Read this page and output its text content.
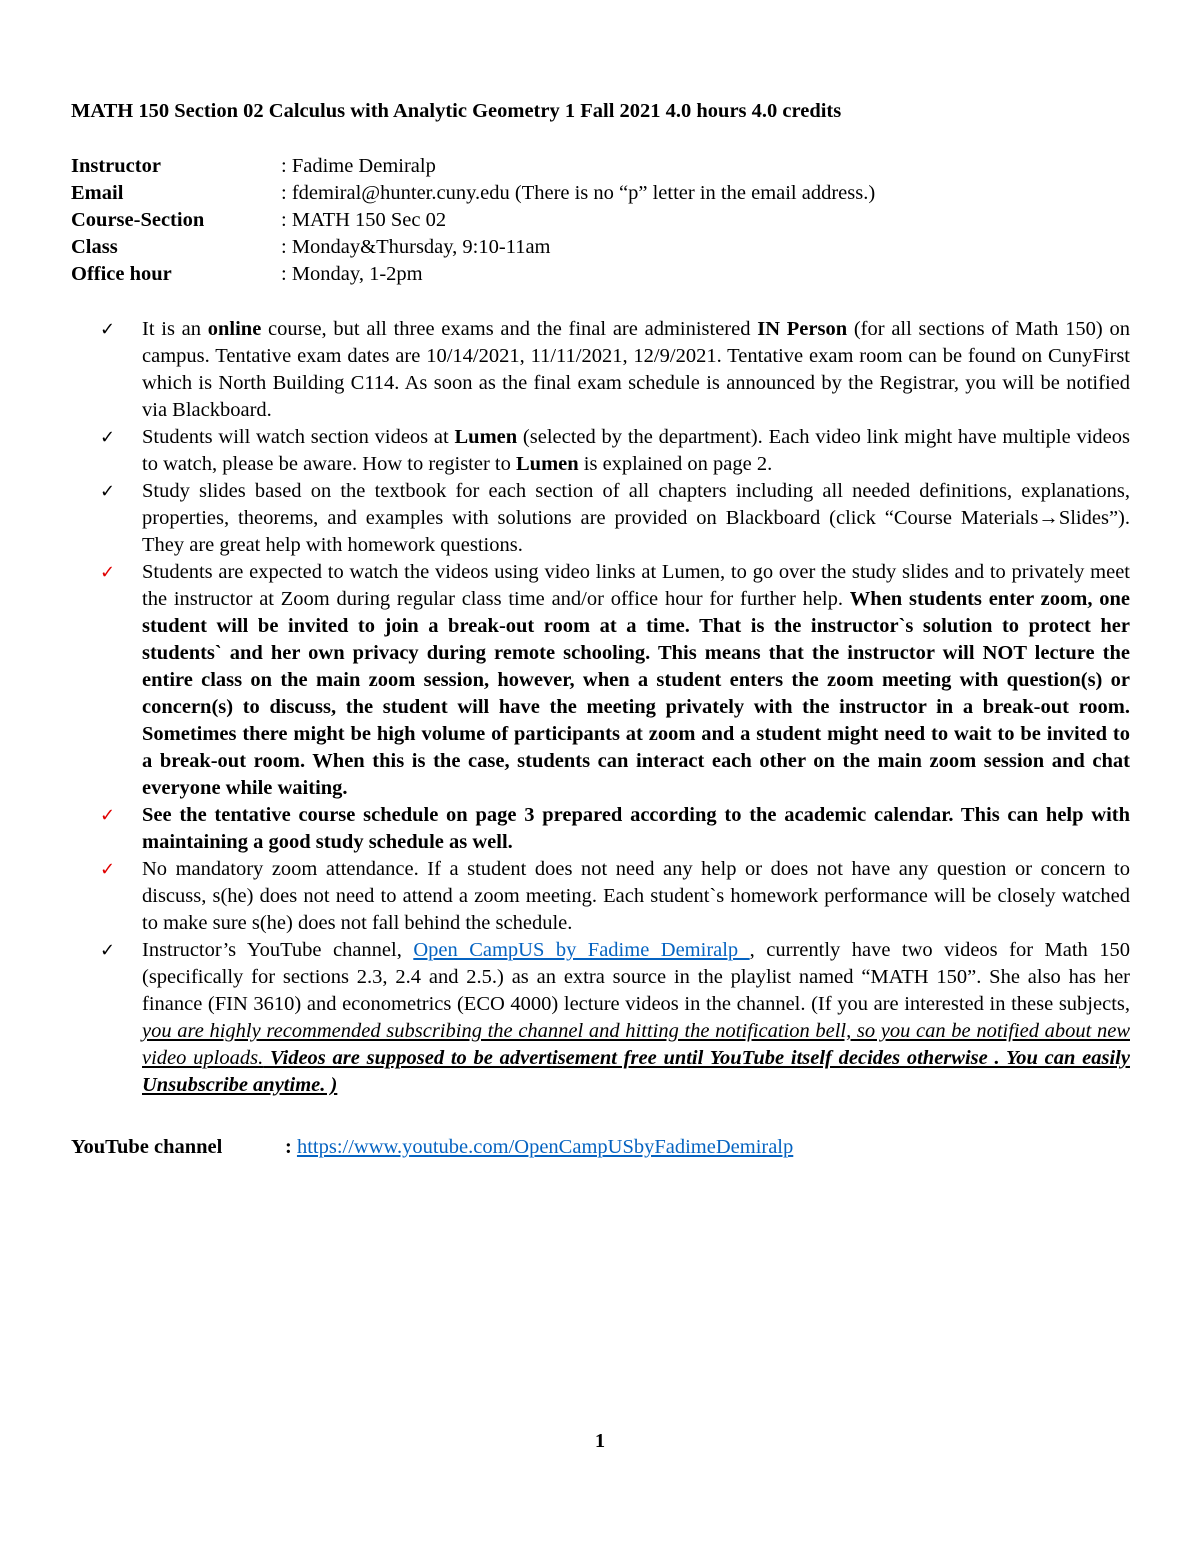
MATH 150 Section 02 Calculus with Analytic Geometry 1 Fall 2021 4.0 hours 4.0 credits
Instructor	: Fadime Demiralp
Email	: fdemiral@hunter.cuny.edu (There is no “p” letter in the email address.)
Course-Section	: MATH 150 Sec 02
Class	: Monday&Thursday, 9:10-11am
Office hour	: Monday, 1-2pm
✓	It is an online course, but all three exams and the final are administered IN Person (for all sections of Math 150) on campus. Tentative exam dates are 10/14/2021, 11/11/2021, 12/9/2021. Tentative exam room can be found on CunyFirst which is North Building C114. As soon as the final exam schedule is announced by the Registrar, you will be notified via Blackboard.
✓	Students will watch section videos at Lumen (selected by the department). Each video link might have multiple videos to watch, please be aware. How to register to Lumen is explained on page 2.
✓	Study slides based on the textbook for each section of all chapters including all needed definitions, explanations, properties, theorems, and examples with solutions are provided on Blackboard (click “Course Materials→Slides”). They are great help with homework questions.
✓	Students are expected to watch the videos using video links at Lumen, to go over the study slides and to privately meet the instructor at Zoom during regular class time and/or office hour for further help. When students enter zoom, one student will be invited to join a break-out room at a time. That is the instructor`s solution to protect her students` and her own privacy during remote schooling. This means that the instructor will NOT lecture the entire class on the main zoom session, however, when a student enters the zoom meeting with question(s) or concern(s) to discuss, the student will have the meeting privately with the instructor in a break-out room. Sometimes there might be high volume of participants at zoom and a student might need to wait to be invited to a break-out room. When this is the case, students can interact each other on the main zoom session and chat everyone while waiting.
✓	See the tentative course schedule on page 3 prepared according to the academic calendar. This can help with maintaining a good study schedule as well.
✓	No mandatory zoom attendance. If a student does not need any help or does not have any question or concern to discuss, s(he) does not need to attend a zoom meeting. Each student`s homework performance will be closely watched to make sure s(he) does not fall behind the schedule.
✓	Instructor’s YouTube channel, Open CampUS by Fadime Demiralp , currently have two videos for Math 150 (specifically for sections 2.3, 2.4 and 2.5.) as an extra source in the playlist named “MATH 150”. She also has her finance (FIN 3610) and econometrics (ECO 4000) lecture videos in the channel. (If you are interested in these subjects, you are highly recommended subscribing the channel and hitting the notification bell, so you can be notified about new video uploads. Videos are supposed to be advertisement free until YouTube itself decides otherwise . You can easily Unsubscribe anytime. )
YouTube channel	: https://www.youtube.com/OpenCampUSbyFadimeDemiralp
1
